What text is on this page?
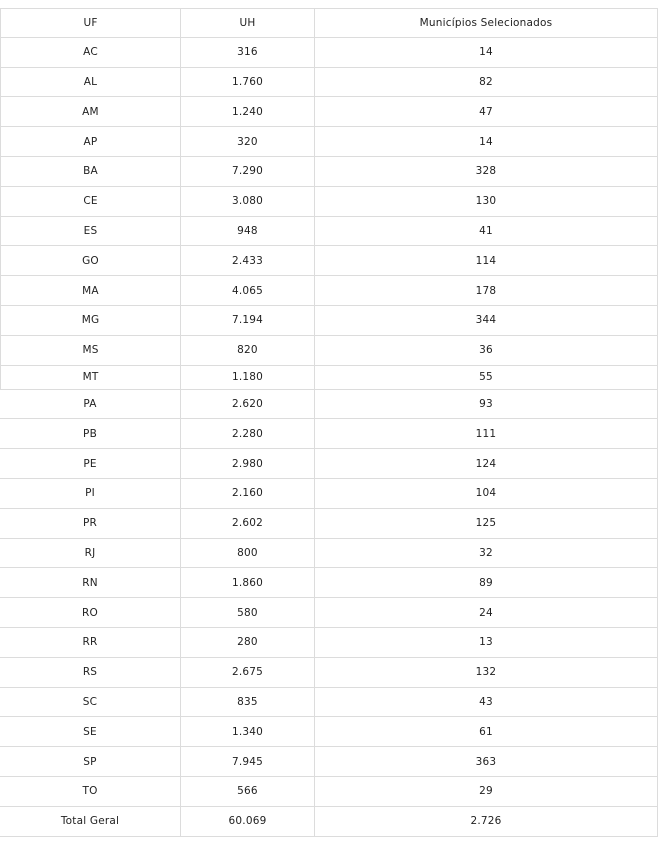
UF	UH	Municípios Selecionados
AC	316	14
AL	1.760	82
AM	1.240	47
AP	320	14
BA	7.290	328
CE	3.080	130
ES	948	41
GO	2.433	114
MA	4.065	178
MG	7.194	344
MS	820	36
MT	1.180	55
PA	2.620	93
PB	2.280	111
PE	2.980	124
PI	2.160	104
PR	2.602	125
RJ	800	32
RN	1.860	89
RO	580	24
RR	280	13
RS	2.675	132
SC	835	43
SE	1.340	61
SP	7.945	363
TO	566	29
Total Geral	60.069	2.726
